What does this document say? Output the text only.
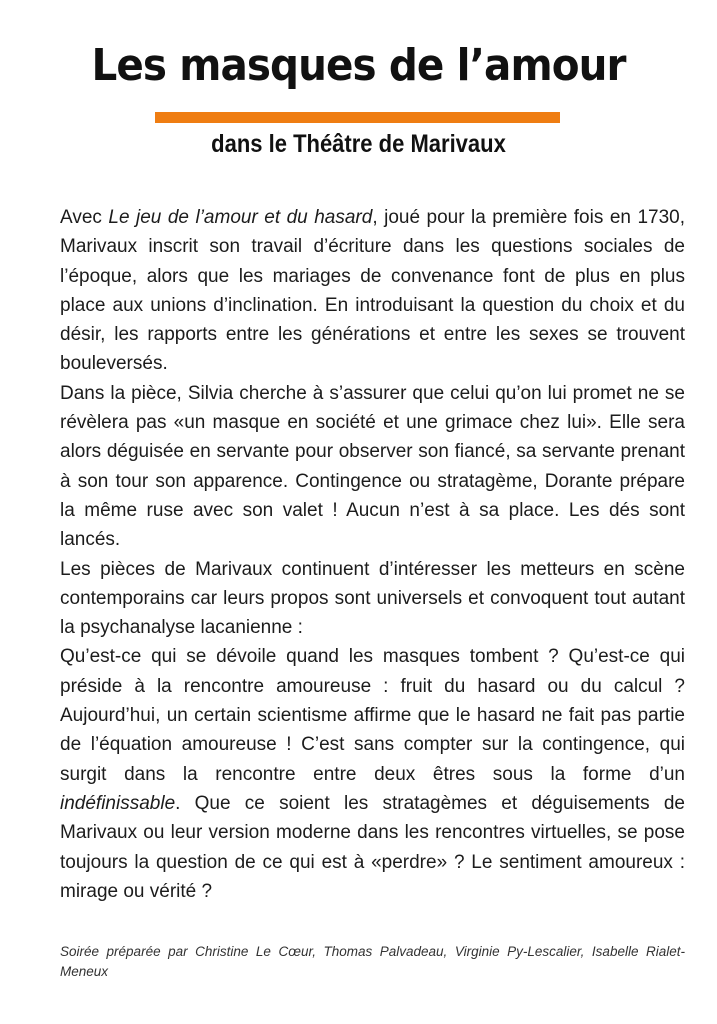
Les masques de l’amour
dans le Théâtre de Marivaux

Avec Le jeu de l’amour et du hasard, joué pour la première fois en 1730, Marivaux inscrit son travail d’écriture dans les questions sociales de l’époque, alors que les mariages de convenance font de plus en plus place aux unions d’inclination. En introduisant la question du choix et du désir, les rapports entre les générations et entre les sexes se trouvent bouleversés.

Dans la pièce, Silvia cherche à s’assurer que celui qu’on lui promet ne se révèlera pas «un masque en société et une grimace chez lui». Elle sera alors déguisée en servante pour observer son fiancé, sa servante prenant à son tour son apparence. Contingence ou stratagème, Dorante prépare la même ruse avec son valet ! Aucun n’est à sa place. Les dés sont lancés.

Les pièces de Marivaux continuent d’intéresser les metteurs en scène contemporains car leurs propos sont universels et convoquent tout autant la psychanalyse lacanienne :

Qu’est-ce qui se dévoile quand les masques tombent ? Qu’est-ce qui préside à la rencontre amoureuse : fruit du hasard ou du calcul ? Aujourd’hui, un certain scientisme affirme que le hasard ne fait pas partie de l’équation amoureuse ! C’est sans compter sur la contingence, qui surgit dans la rencontre entre deux êtres sous la forme d’un indéfinissable. Que ce soient les stratagèmes et déguisements de Marivaux ou leur version moderne dans les rencontres virtuelles, se pose toujours la question de ce qui est à «perdre» ? Le sentiment amoureux : mirage ou vérité ?

Soirée préparée par Christine Le Cœur, Thomas Palvadeau, Virginie Py-Lescalier, Isabelle Rialet-Meneux
